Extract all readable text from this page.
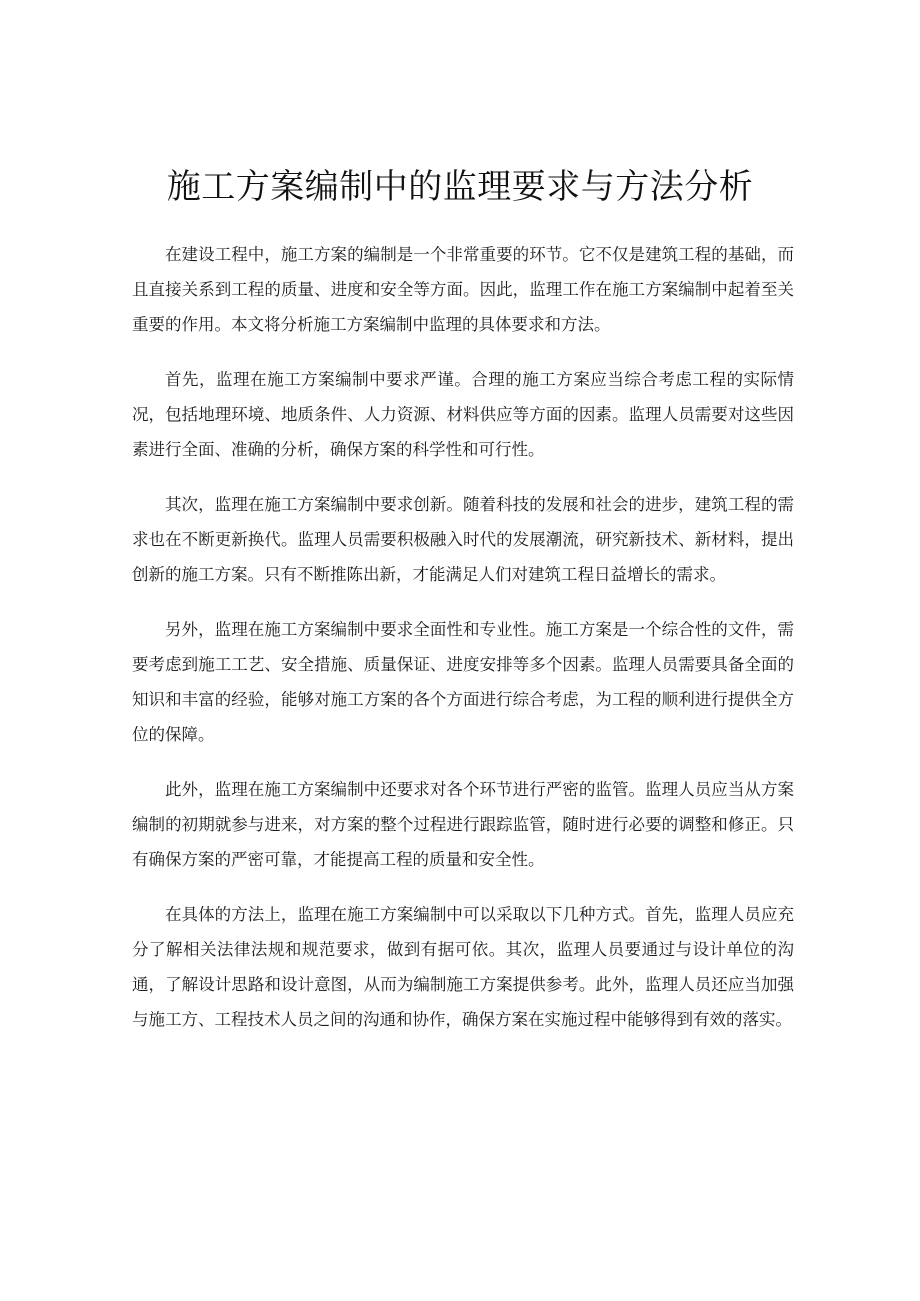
施工方案编制中的监理要求与方法分析

在建设工程中，施工方案的编制是一个非常重要的环节。它不仅是建筑工程的基础，而且直接关系到工程的质量、进度和安全等方面。因此，监理工作在施工方案编制中起着至关重要的作用。本文将分析施工方案编制中监理的具体要求和方法。

首先，监理在施工方案编制中要求严谨。合理的施工方案应当综合考虑工程的实际情况，包括地理环境、地质条件、人力资源、材料供应等方面的因素。监理人员需要对这些因素进行全面、准确的分析，确保方案的科学性和可行性。

其次，监理在施工方案编制中要求创新。随着科技的发展和社会的进步，建筑工程的需求也在不断更新换代。监理人员需要积极融入时代的发展潮流，研究新技术、新材料，提出创新的施工方案。只有不断推陈出新，才能满足人们对建筑工程日益增长的需求。

另外，监理在施工方案编制中要求全面性和专业性。施工方案是一个综合性的文件，需要考虑到施工工艺、安全措施、质量保证、进度安排等多个因素。监理人员需要具备全面的知识和丰富的经验，能够对施工方案的各个方面进行综合考虑，为工程的顺利进行提供全方位的保障。

此外，监理在施工方案编制中还要求对各个环节进行严密的监管。监理人员应当从方案编制的初期就参与进来，对方案的整个过程进行跟踪监管，随时进行必要的调整和修正。只有确保方案的严密可靠，才能提高工程的质量和安全性。

在具体的方法上，监理在施工方案编制中可以采取以下几种方式。首先，监理人员应充分了解相关法律法规和规范要求，做到有据可依。其次，监理人员要通过与设计单位的沟通，了解设计思路和设计意图，从而为编制施工方案提供参考。此外，监理人员还应当加强与施工方、工程技术人员之间的沟通和协作，确保方案在实施过程中能够得到有效的落实。
